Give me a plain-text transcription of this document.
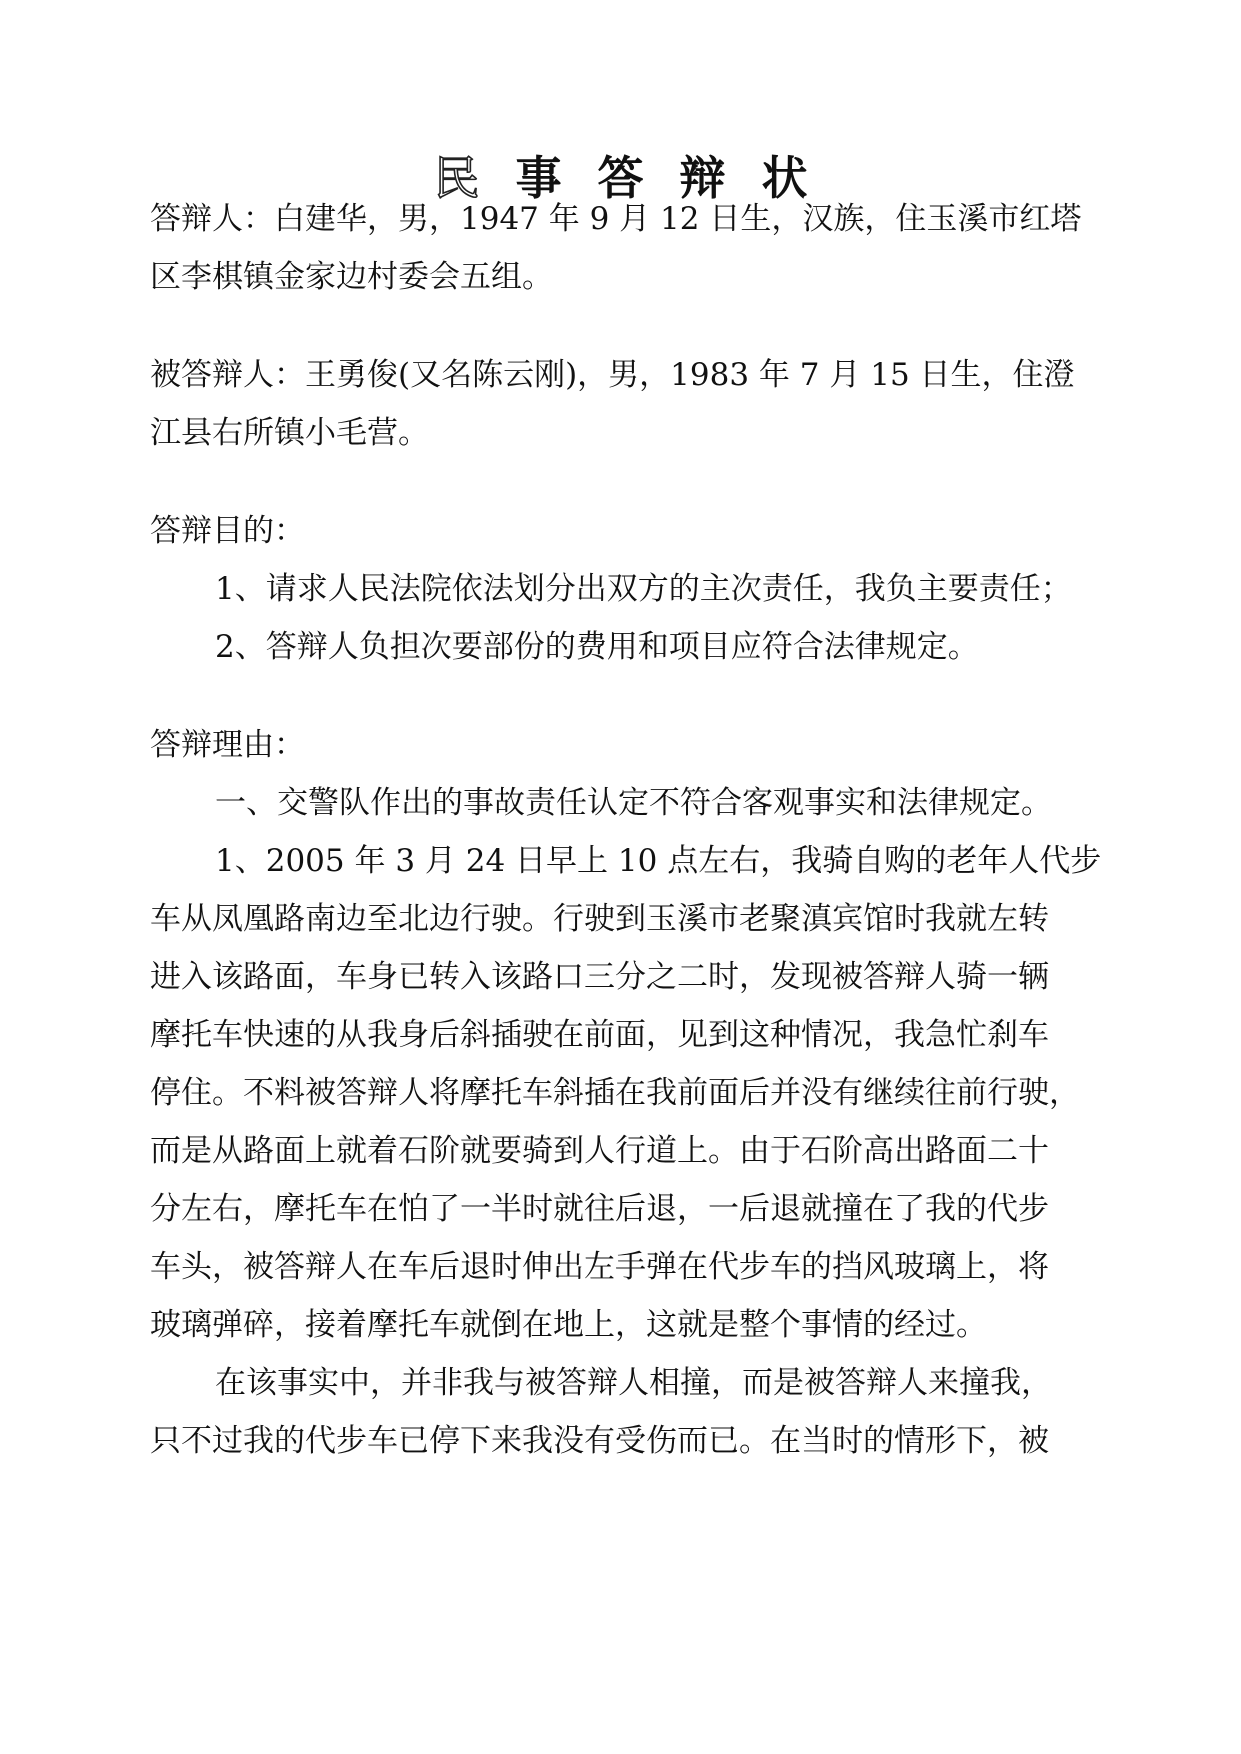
民 事 答 辩 状
答辩人：白建华，男，1947 年 9 月 12 日生，汉族，住玉溪市红塔
区李棋镇金家边村委会五组。
被答辩人：王勇俊(又名陈云刚)，男，1983 年 7 月 15 日生，住澄
江县右所镇小毛营。
答辩目的：
1、请求人民法院依法划分出双方的主次责任，我负主要责任；
2、答辩人负担次要部份的费用和项目应符合法律规定。
答辩理由：
一、交警队作出的事故责任认定不符合客观事实和法律规定。
1、2005 年 3 月 24 日早上 10 点左右，我骑自购的老年人代步
车从凤凰路南边至北边行驶。行驶到玉溪市老聚滇宾馆时我就左转
进入该路面，车身已转入该路口三分之二时，发现被答辩人骑一辆
摩托车快速的从我身后斜插驶在前面，见到这种情况，我急忙刹车
停住。不料被答辩人将摩托车斜插在我前面后并没有继续往前行驶，
而是从路面上就着石阶就要骑到人行道上。由于石阶高出路面二十
分左右，摩托车在怕了一半时就往后退，一后退就撞在了我的代步
车头，被答辩人在车后退时伸出左手弹在代步车的挡风玻璃上，将
玻璃弹碎，接着摩托车就倒在地上，这就是整个事情的经过。
在该事实中，并非我与被答辩人相撞，而是被答辩人来撞我，
只不过我的代步车已停下来我没有受伤而已。在当时的情形下，被
